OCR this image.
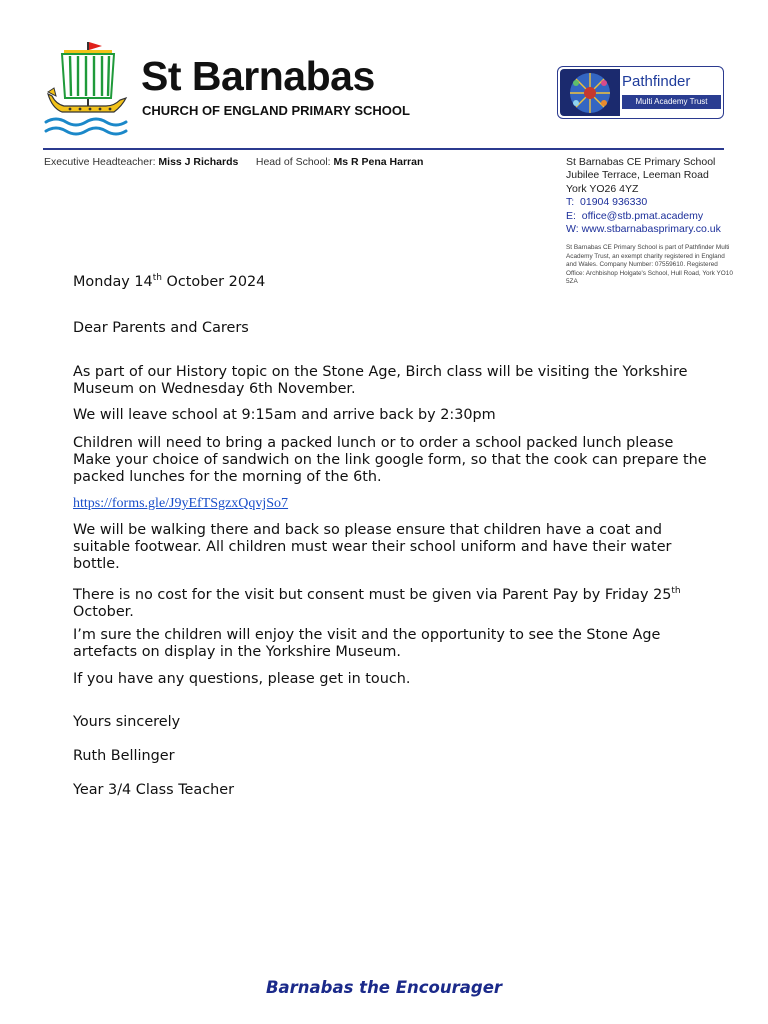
St Barnabas
CHURCH OF ENGLAND PRIMARY SCHOOL
Pathfinder
Multi Academy Trust
Executive Headteacher: Miss J Richards Head of School: Ms R Pena Harran	St Barnabas CE Primary School
Jubilee Terrace, Leeman Road
York YO26 4YZ
T: 01904 936330
E: office@stb.pmat.academy
W: www.stbarnabasprimary.co.uk
St Barnabas CE Primary School is part of Pathfinder Multi Academy Trust, an exempt charity registered in England and Wales. Company Number: 07559610. Registered Office: Archbishop Holgate's School, Hull Road, York YO10 5ZA
Monday 14th October 2024
Dear Parents and Carers
As part of our History topic on the Stone Age, Birch class will be visiting the Yorkshire Museum on Wednesday 6th November.
We will leave school at 9:15am and arrive back by 2:30pm
Children will need to bring a packed lunch or to order a school packed lunch please Make your choice of sandwich on the link google form, so that the cook can prepare the packed lunches for the morning of the 6th.
https://forms.gle/J9yEfTSgzxQqvjSo7
We will be walking there and back so please ensure that children have a coat and suitable footwear. All children must wear their school uniform and have their water bottle.
There is no cost for the visit but consent must be given via Parent Pay by Friday 25th October.
I’m sure the children will enjoy the visit and the opportunity to see the Stone Age artefacts on display in the Yorkshire Museum.
If you have any questions, please get in touch.
Yours sincerely
Ruth Bellinger
Year 3/4 Class Teacher
Barnabas the Encourager
